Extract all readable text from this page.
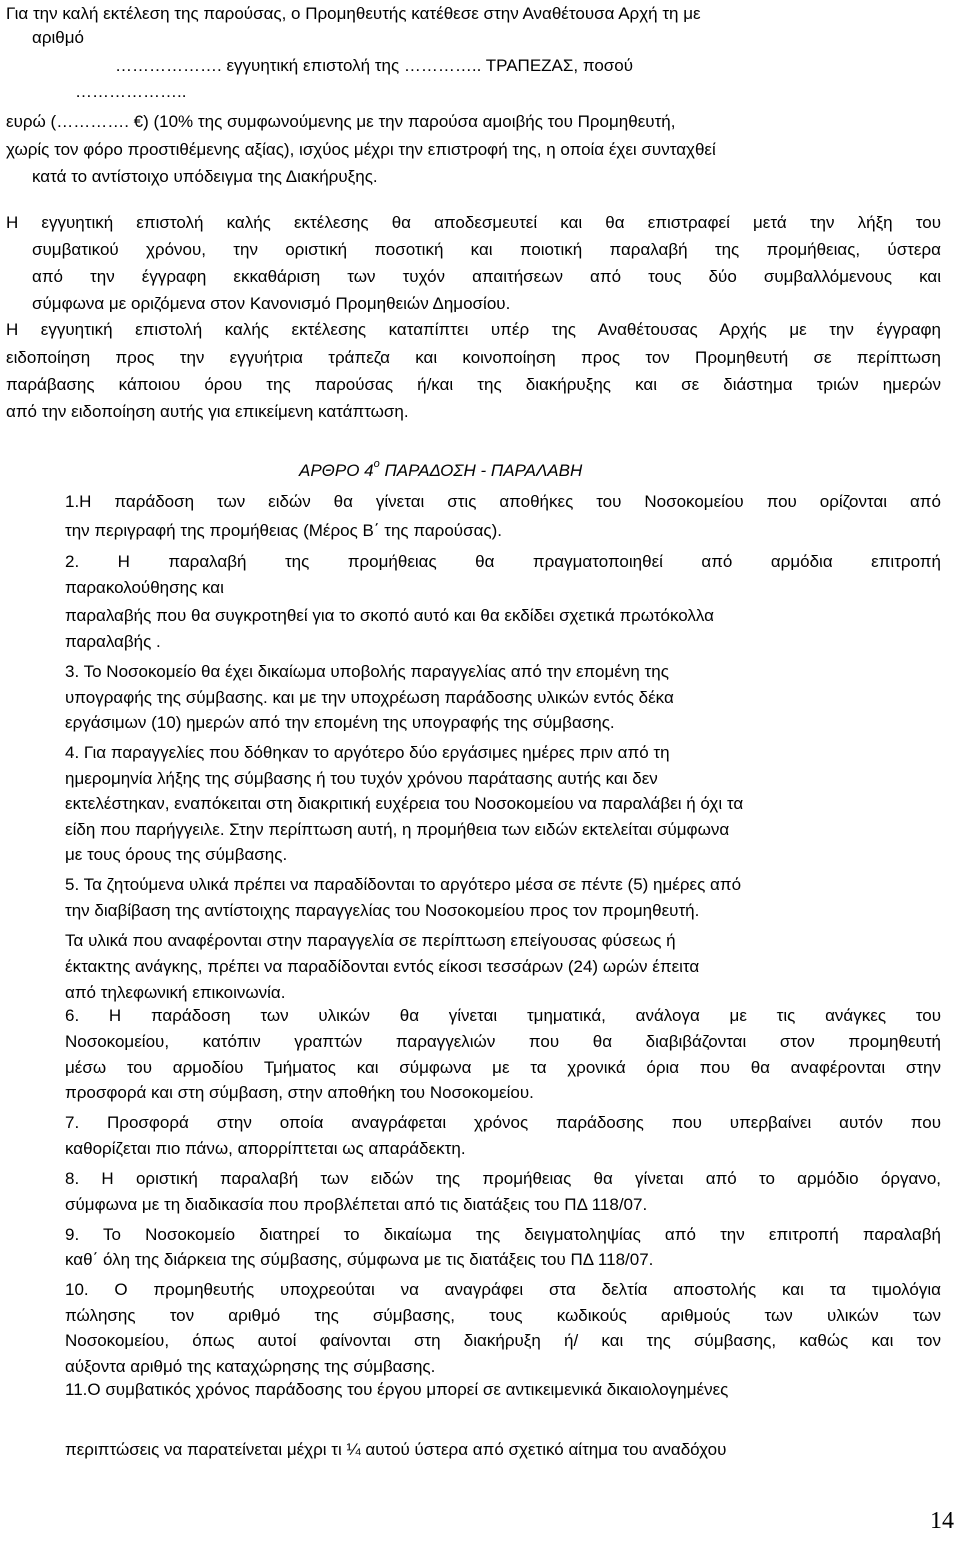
Για την καλή εκτέλεση της παρούσας, ο Προμηθευτής κατέθεσε στην Αναθέτουσα Αρχή τη με
αριθμό
………………. εγγυητική επιστολή της ………….. ΤΡΑΠΕΖΑΣ, ποσού
………………..
ευρώ (…………. €) (10% της συμφωνούμενης με την παρούσα αμοιβής του Προμηθευτή,
χωρίς τον φόρο προστιθέμενης αξίας), ισχύος μέχρι την επιστροφή της, η οποία έχει συνταχθεί
κατά το αντίστοιχο υπόδειγμα της Διακήρυξης.
Η εγγυητική επιστολή καλής εκτέλεσης θα αποδεσμευτεί και θα επιστραφεί μετά την λήξη του
συμβατικού χρόνου, την οριστική ποσοτική και ποιοτική παραλαβή της προμήθειας, ύστερα
από την έγγραφη εκκαθάριση των τυχόν απαιτήσεων από τους δύο συμβαλλόμενους και
σύμφωνα με οριζόμενα στον Κανονισμό Προμηθειών Δημοσίου.
Η εγγυητική επιστολή καλής εκτέλεσης καταπίπτει υπέρ της Αναθέτουσας Αρχής με την έγγραφη
ειδοποίηση προς την εγγυήτρια τράπεζα και κοινοποίηση προς τον Προμηθευτή σε περίπτωση
παράβασης κάποιου όρου της παρούσας ή/και της διακήρυξης και σε διάστημα τριών ημερών
από την ειδοποίηση αυτής για επικείμενη κατάπτωση.
ΑΡΘΡΟ $4^o$ ΠΑΡΑΔΟΣΗ - ΠΑΡΑΛΑΒΗ
1.Η παράδοση των ειδών θα γίνεται στις αποθήκες του Νοσοκομείου που ορίζονται από
την περιγραφή της προμήθειας (Μέρος Β΄ της παρούσας).
2. Η παραλαβή της προμήθειας θα πραγματοποιηθεί από αρμόδια επιτροπή
παρακολούθησης και
παραλαβής που θα συγκροτηθεί για το σκοπό αυτό και θα εκδίδει σχετικά πρωτόκολλα
παραλαβής .
3. Το Νοσοκομείο θα έχει δικαίωμα υποβολής παραγγελίας από την επομένη της
υπογραφής της σύμβασης. και με την υποχρέωση παράδοσης υλικών εντός δέκα
εργάσιμων (10) ημερών από την επομένη της υπογραφής της σύμβασης.
4. Για παραγγελίες που δόθηκαν το αργότερο δύο εργάσιμες ημέρες πριν από τη
ημερομηνία λήξης της σύμβασης ή του τυχόν χρόνου παράτασης αυτής και δεν
εκτελέστηκαν, εναπόκειται στη διακριτική ευχέρεια του Νοσοκομείου να παραλάβει ή όχι τα
είδη που παρήγγειλε. Στην περίπτωση αυτή, η προμήθεια των ειδών εκτελείται σύμφωνα
με τους όρους της σύμβασης.
5. Τα ζητούμενα υλικά πρέπει να παραδίδονται το αργότερο μέσα σε πέντε (5) ημέρες από
την διαβίβαση της αντίστοιχης παραγγελίας του Νοσοκομείου προς τον προμηθευτή.
Τα υλικά που αναφέρονται στην παραγγελία σε περίπτωση επείγουσας φύσεως ή
έκτακτης ανάγκης, πρέπει να παραδίδονται εντός είκοσι τεσσάρων (24) ωρών έπειτα
από τηλεφωνική επικοινωνία.
6. Η παράδοση των υλικών θα γίνεται τμηματικά, ανάλογα με τις ανάγκες του
Νοσοκομείου, κατόπιν γραπτών παραγγελιών που θα διαβιβάζονται στον προμηθευτή
μέσω του αρμοδίου Τμήματος και σύμφωνα με τα χρονικά όρια που θα αναφέρονται στην
προσφορά και στη σύμβαση, στην αποθήκη του Νοσοκομείου.
7. Προσφορά στην οποία αναγράφεται χρόνος παράδοσης που υπερβαίνει αυτόν που
καθορίζεται πιο πάνω, απορρίπτεται ως απαράδεκτη.
8. Η οριστική παραλαβή των ειδών της προμήθειας θα γίνεται από το αρμόδιο όργανο,
σύμφωνα με τη διαδικασία που προβλέπεται από τις διατάξεις του ΠΔ 118/07.
9. Το Νοσοκομείο διατηρεί το δικαίωμα της δειγματοληψίας από την επιτροπή παραλαβή
καθ΄ όλη της διάρκεια της σύμβασης, σύμφωνα με τις διατάξεις του ΠΔ 118/07.
10. Ο προμηθευτής υποχρεούται να αναγράφει στα δελτία αποστολής και τα τιμολόγια
πώλησης τον αριθμό της σύμβασης, τους κωδικούς αριθμούς των υλικών των
Νοσοκομείου, όπως αυτοί φαίνονται στη διακήρυξη ή/ και της σύμβασης, καθώς και τον
αύξοντα αριθμό της καταχώρησης της σύμβασης.
11.Ο συμβατικός χρόνος παράδοσης του έργου μπορεί σε αντικειμενικά δικαιολογημένες
περιπτώσεις να παρατείνεται μέχρι τι ¼ αυτού ύστερα από σχετικό αίτημα του αναδόχου
14
